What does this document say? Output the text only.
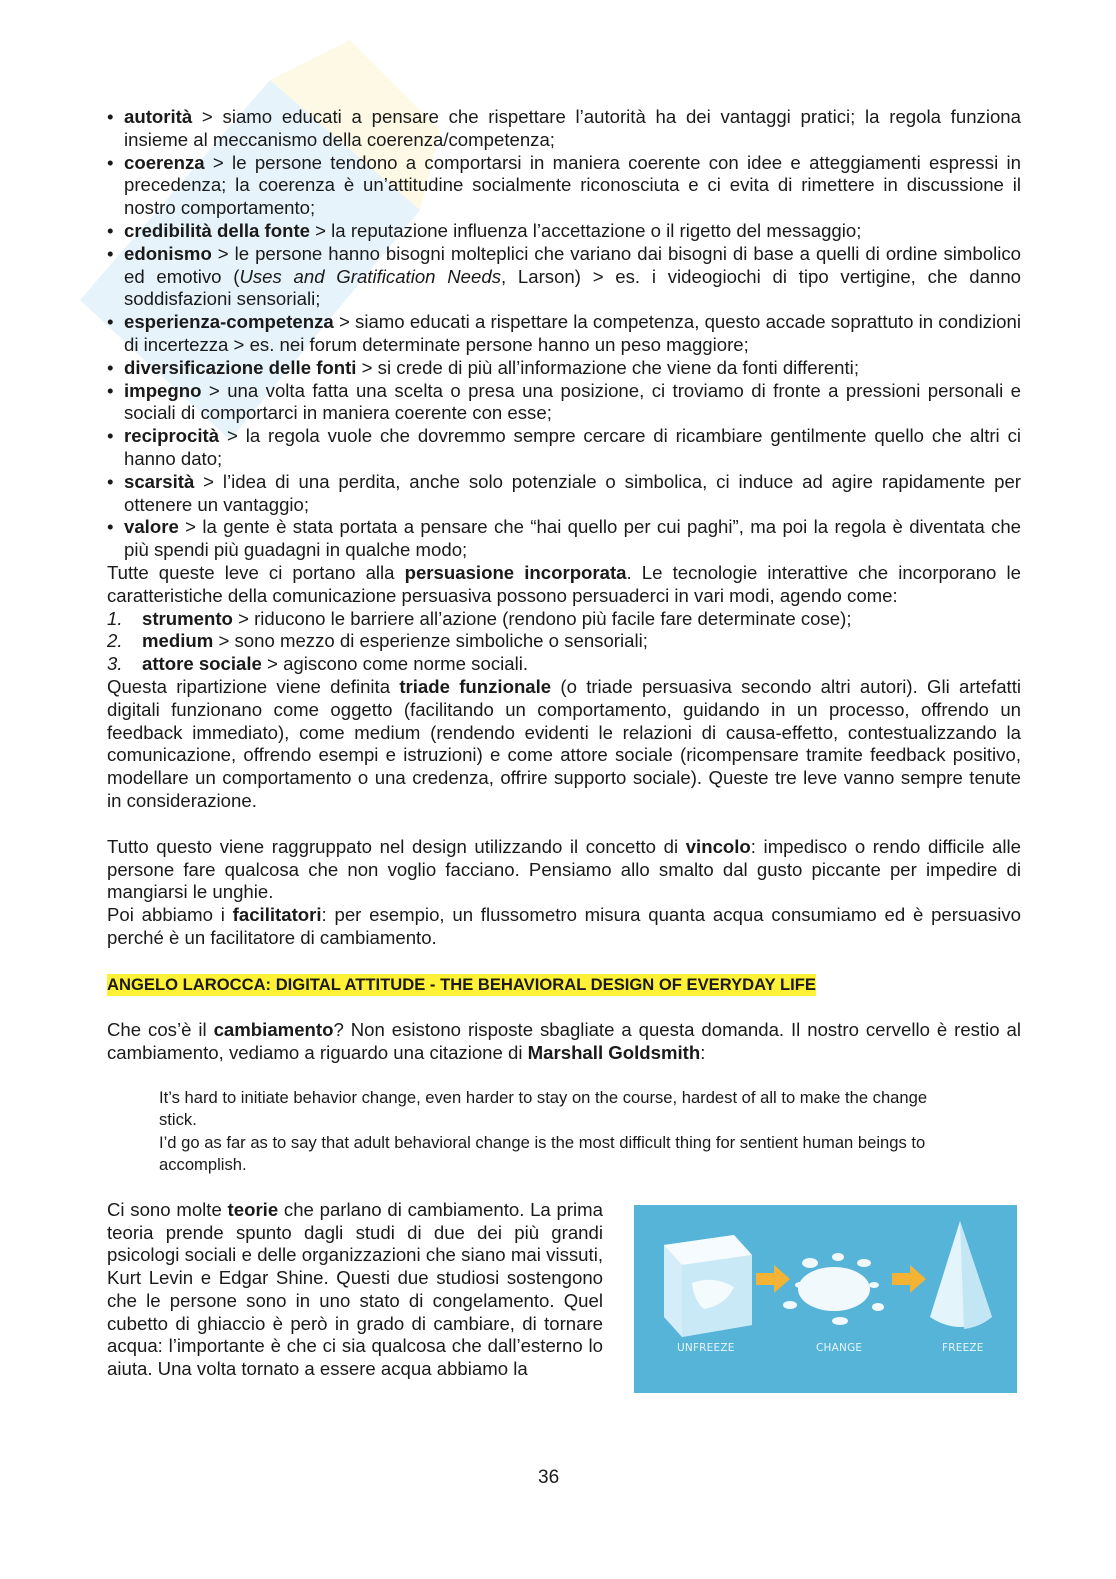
• autorità > siamo educati a pensare che rispettare l’autorità ha dei vantaggi pratici; la regola funziona insieme al meccanismo della coerenza/competenza;
• coerenza > le persone tendono a comportarsi in maniera coerente con idee e atteggiamenti espressi in precedenza; la coerenza è un’attitudine socialmente riconosciuta e ci evita di rimettere in discussione il nostro comportamento;
• credibilità della fonte > la reputazione influenza l’accettazione o il rigetto del messaggio;
• edonismo > le persone hanno bisogni molteplici che variano dai bisogni di base a quelli di ordine simbolico ed emotivo (Uses and Gratification Needs, Larson) > es. i videogiochi di tipo vertigine, che danno soddisfazioni sensoriali;
• esperienza-competenza > siamo educati a rispettare la competenza, questo accade soprattuto in condizioni di incertezza > es. nei forum determinate persone hanno un peso maggiore;
• diversificazione delle fonti > si crede di più all’informazione che viene da fonti differenti;
• impegno > una volta fatta una scelta o presa una posizione, ci troviamo di fronte a pressioni personali e sociali di comportarci in maniera coerente con esse;
• reciprocità > la regola vuole che dovremmo sempre cercare di ricambiare gentilmente quello che altri ci hanno dato;
• scarsità > l’idea di una perdita, anche solo potenziale o simbolica, ci induce ad agire rapidamente per ottenere un vantaggio;
• valore > la gente è stata portata a pensare che “hai quello per cui paghi”, ma poi la regola è diventata che più spendi più guadagni in qualche modo;

Tutte queste leve ci portano alla persuasione incorporata. Le tecnologie interattive che incorporano le caratteristiche della comunicazione persuasiva possono persuaderci in vari modi, agendo come:

1. strumento > riducono le barriere all’azione (rendono più facile fare determinate cose);
2. medium > sono mezzo di esperienze simboliche o sensoriali;
3. attore sociale > agiscono come norme sociali.

Questa ripartizione viene definita triade funzionale (o triade persuasiva secondo altri autori). Gli artefatti digitali funzionano come oggetto (facilitando un comportamento, guidando in un processo, offrendo un feedback immediato), come medium (rendendo evidenti le relazioni di causa-effetto, contestualizzando la comunicazione, offrendo esempi e istruzioni) e come attore sociale (ricompensare tramite feedback positivo, modellare un comportamento o una credenza, offrire supporto sociale). Queste tre leve vanno sempre tenute in considerazione.

Tutto questo viene raggruppato nel design utilizzando il concetto di vincolo: impedisco o rendo difficile alle persone fare qualcosa che non voglio facciano. Pensiamo allo smalto dal gusto piccante per impedire di mangiarsi le unghie.

Poi abbiamo i facilitatori: per esempio, un flussometro misura quanta acqua consumiamo ed è persuasivo perché è un facilitatore di cambiamento.

ANGELO LAROCCA: DIGITAL ATTITUDE - THE BEHAVIORAL DESIGN OF EVERYDAY LIFE

Che cos’è il cambiamento? Non esistono risposte sbagliate a questa domanda. Il nostro cervello è restio al cambiamento, vediamo a riguardo una citazione di Marshall Goldsmith:

It’s hard to initiate behavior change, even harder to stay on the course, hardest of all to make the change stick.
I’d go as far as to say that adult behavioral change is the most difficult thing for sentient human beings to accomplish.

Ci sono molte teorie che parlano di cambiamento. La prima teoria prende spunto dagli studi di due dei più grandi psicologi sociali e delle organizzazioni che siano mai vissuti, Kurt Levin e Edgar Shine. Questi due studiosi sostengono che le persone sono in uno stato di congelamento. Quel cubetto di ghiaccio è però in grado di cambiare, di tornare acqua: l’importante è che ci sia qualcosa che dall’esterno lo aiuta. Una volta tornato a essere acqua abbiamo la

UNFREEZE	CHANGE	FREEZE
36
